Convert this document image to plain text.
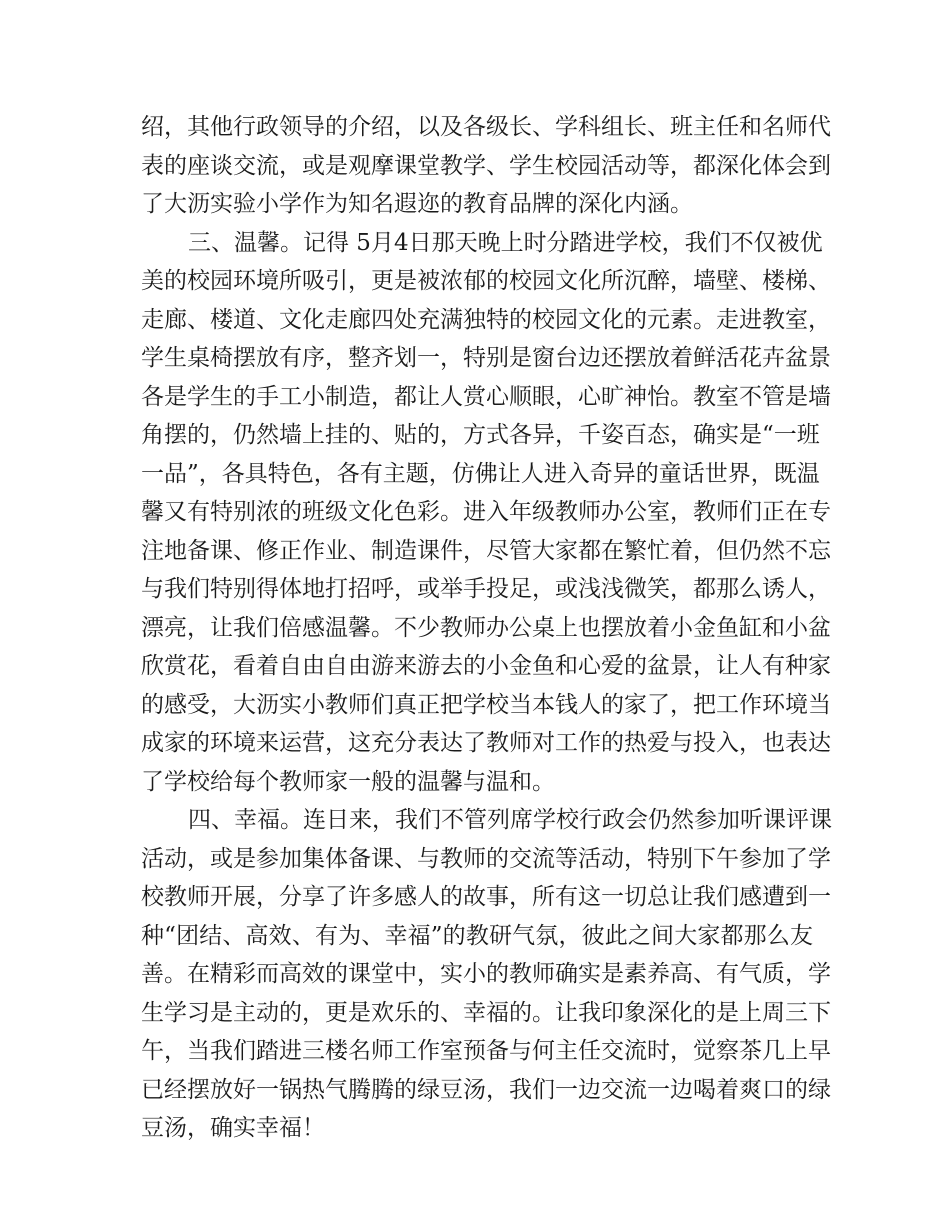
绍，其他行政领导的介绍，以及各级长、学科组长、班主任和名师代
表的座谈交流，或是观摩课堂教学、学生校园活动等，都深化体会到
了大沥实验小学作为知名遐迩的教育品牌的深化内涵。
三、温馨。记得 5月4日那天晚上时分踏进学校，我们不仅被优
美的校园环境所吸引，更是被浓郁的校园文化所沉醉，墙壁、楼梯、
走廊、楼道、文化走廊四处充满独特的校园文化的元素。走进教室，
学生桌椅摆放有序，整齐划一，特别是窗台边还摆放着鲜活花卉盆景
各是学生的手工小制造，都让人赏心顺眼，心旷神怡。教室不管是墙
角摆的，仍然墙上挂的、贴的，方式各异，千姿百态，确实是“一班
一品”，各具特色，各有主题，仿佛让人进入奇异的童话世界，既温
馨又有特别浓的班级文化色彩。进入年级教师办公室，教师们正在专
注地备课、修正作业、制造课件，尽管大家都在繁忙着，但仍然不忘
与我们特别得体地打招呼，或举手投足，或浅浅微笑，都那么诱人，
漂亮，让我们倍感温馨。不少教师办公桌上也摆放着小金鱼缸和小盆
欣赏花，看着自由自由游来游去的小金鱼和心爱的盆景，让人有种家
的感受，大沥实小教师们真正把学校当本钱人的家了，把工作环境当
成家的环境来运营，这充分表达了教师对工作的热爱与投入，也表达
了学校给每个教师家一般的温馨与温和。
四、幸福。连日来，我们不管列席学校行政会仍然参加听课评课
活动，或是参加集体备课、与教师的交流等活动，特别下午参加了学
校教师开展，分享了许多感人的故事，所有这一切总让我们感遭到一
种“团结、高效、有为、幸福”的教研气氛，彼此之间大家都那么友
善。在精彩而高效的课堂中，实小的教师确实是素养高、有气质，学
生学习是主动的，更是欢乐的、幸福的。让我印象深化的是上周三下
午，当我们踏进三楼名师工作室预备与何主任交流时，觉察茶几上早
已经摆放好一锅热气腾腾的绿豆汤，我们一边交流一边喝着爽口的绿
豆汤，确实幸福！
